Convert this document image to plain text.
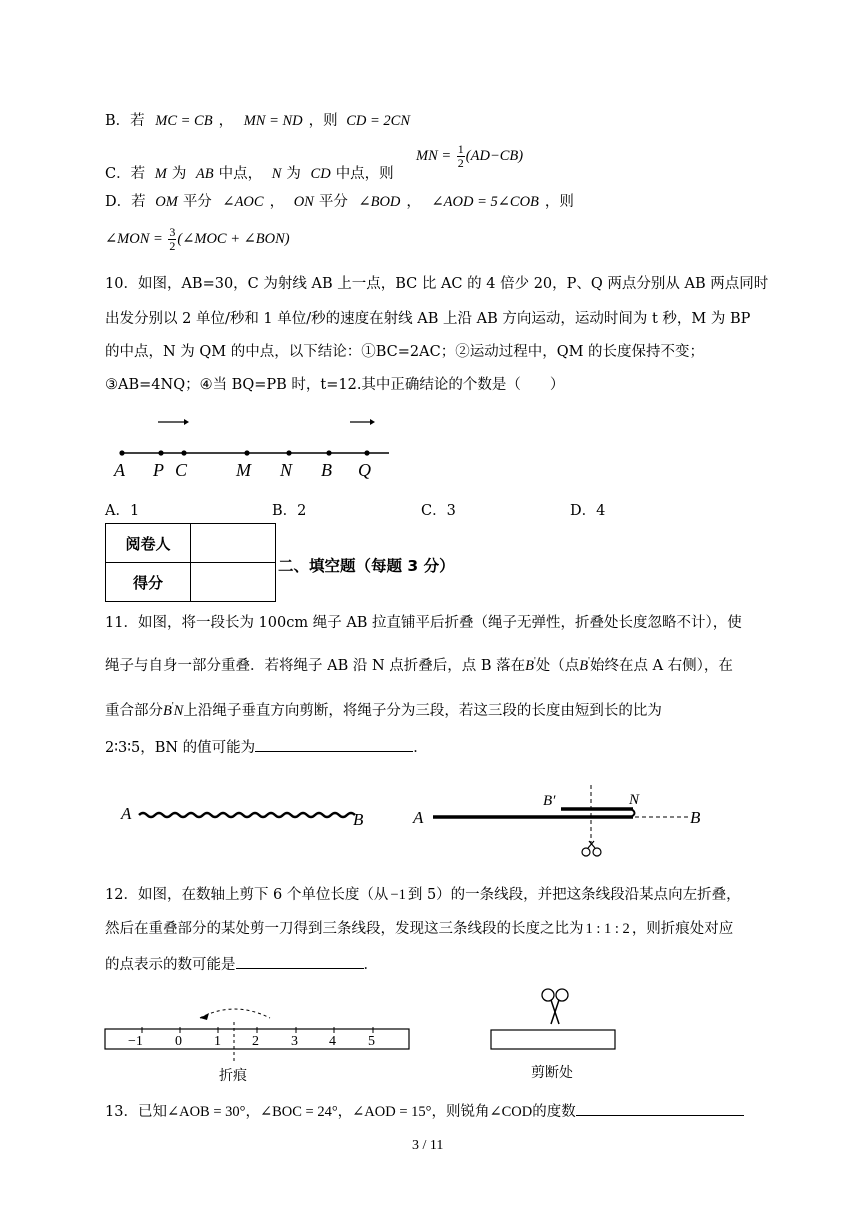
B．若 MC = CB ， MN = ND ，则 CD = 2CN
C．若 M 为 AB 中点， N 为 CD 中点，则
MN = $\frac{1}{2} (AD-CB)$
D．若 OM 平分 ∠AOC ， ON 平分 ∠BOD ， ∠AOD = 5∠COB ，则
∠MON = $\frac{3}{2}$ (∠MOC + ∠BON)
10．如图，AB=30，C 为射线 AB 上一点，BC 比 AC 的 4 倍少 20，P、Q 两点分别从 AB 两点同时
出发分别以 2 单位/秒和 1 单位/秒的速度在射线 AB 上沿 AB 方向运动，运动时间为 t 秒，M 为 BP
的中点，N 为 QM 的中点，以下结论：①BC=2AC；②运动过程中，QM 的长度保持不变；
③AB=4NQ；④当 BQ=PB 时，t=12.其中正确结论的个数是（　　）
A P C	M N B Q
A．1	B．2	C．3	D．4
阅卷人	
得分	
二、填空题（每题 3 分）
11．如图，将一段长为 100cm 绳子 AB 拉直铺平后折叠（绳子无弹性，折叠处长度忽略不计），使
绳子与自身一部分重叠．若将绳子 AB 沿 N 点折叠后，点 B 落在B'处（点B'始终在点 A 右侧），在
重合部分B'N上沿绳子垂直方向剪断，将绳子分为三段，若这三段的长度由短到长的比为
2∶3∶5，BN 的值可能为	．
A	B	A
B′	N
B
12．如图，在数轴上剪下 6 个单位长度（从 −1 到 5）的一条线段，并把这条线段沿某点向左折叠，
然后在重叠部分的某处剪一刀得到三条线段，发现这三条线段的长度之比为 1 : 1 : 2 ，则折痕处对应
的点表示的数可能是	．
−1 0 1 2 3 4 5
折痕	剪断处
13．已知∠AOB = 30°，∠BOC = 24°，∠AOD = 15°，则锐角∠COD的度数
3 / 11
